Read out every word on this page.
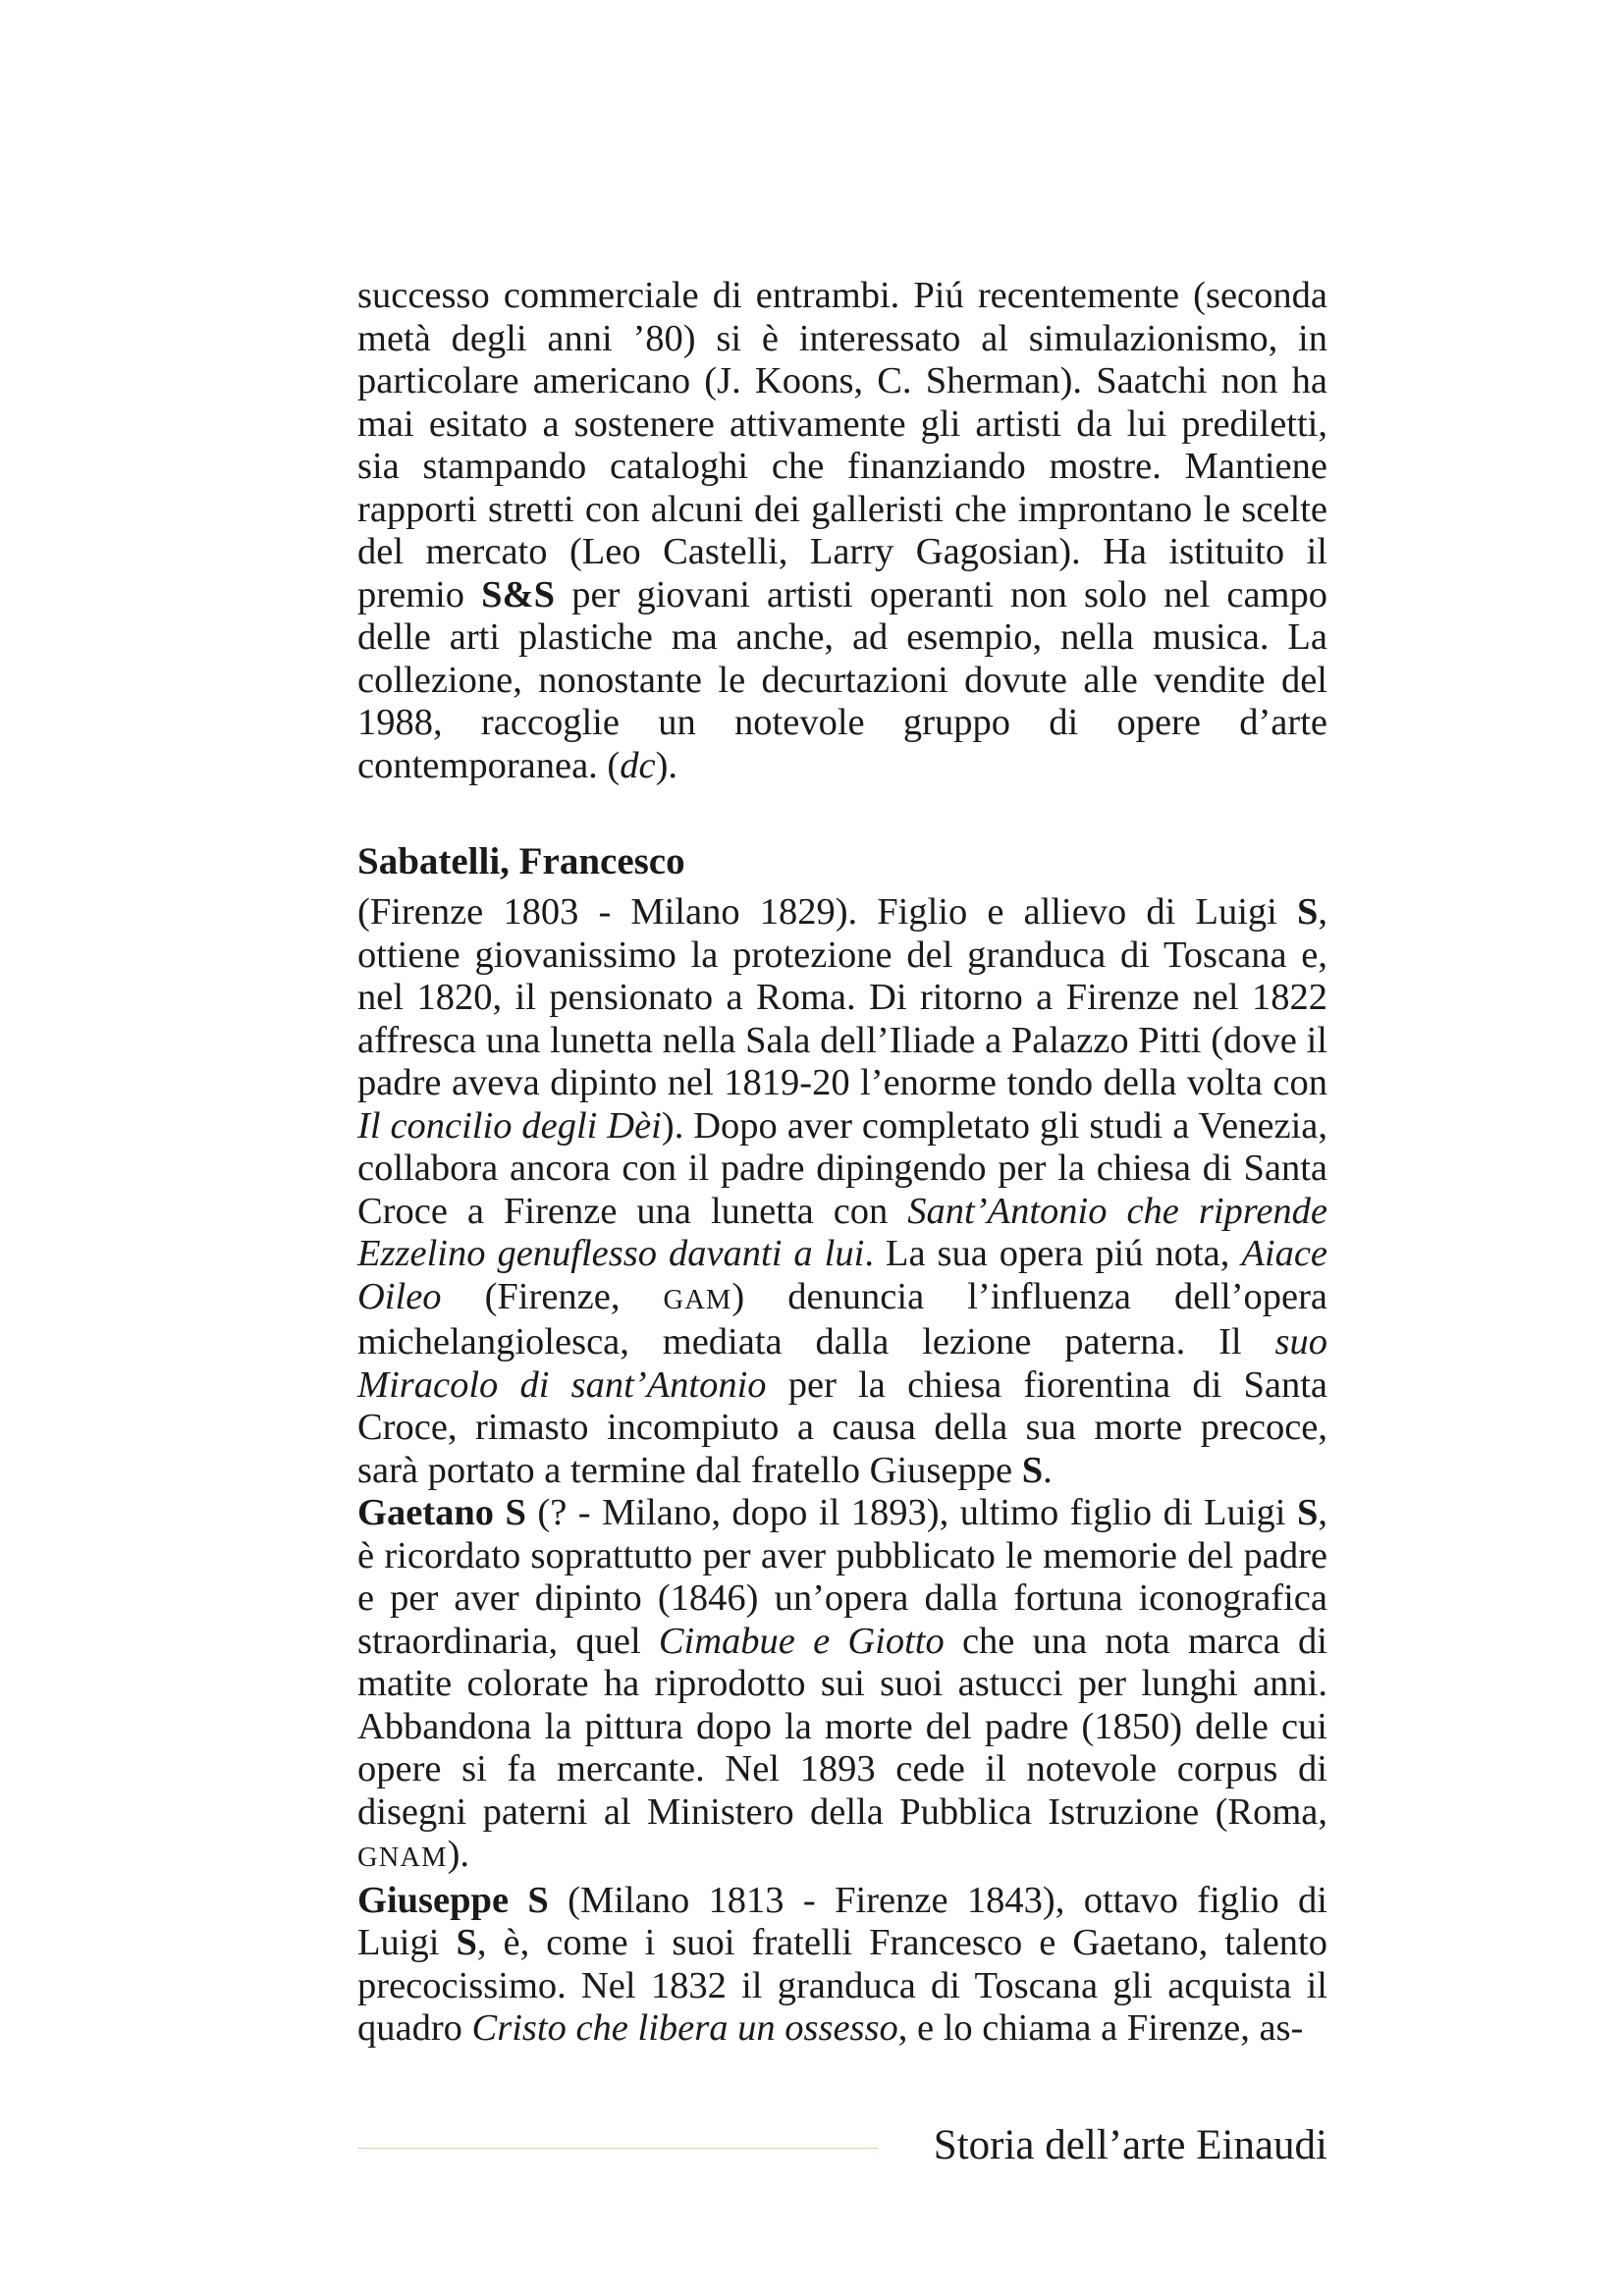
successo commerciale di entrambi. Piú recentemente (seconda metà degli anni ’80) si è interessato al simulazionismo, in particolare americano (J. Koons, C. Sherman). Saatchi non ha mai esitato a sostenere attivamente gli artisti da lui prediletti, sia stampando cataloghi che finanziando mostre. Mantiene rapporti stretti con alcuni dei galleristi che improntano le scelte del mercato (Leo Castelli, Larry Gagosian). Ha istituito il premio S&S per giovani artisti operanti non solo nel campo delle arti plastiche ma anche, ad esempio, nella musica. La collezione, nonostante le decurtazioni dovute alle vendite del 1988, raccoglie un notevole gruppo di opere d’arte contemporanea. (dc).

Sabatelli, Francesco

(Firenze 1803 - Milano 1829). Figlio e allievo di Luigi S, ottiene giovanissimo la protezione del granduca di Toscana e, nel 1820, il pensionato a Roma. Di ritorno a Firenze nel 1822 affresca una lunetta nella Sala dell’Iliade a Palazzo Pitti (dove il padre aveva dipinto nel 1819-20 l’enorme tondo della volta con Il concilio degli Dèi). Dopo aver completato gli studi a Venezia, collabora ancora con il padre dipingendo per la chiesa di Santa Croce a Firenze una lunetta con Sant’Antonio che riprende Ezzelino genuflesso davanti a lui. La sua opera piú nota, Aiace Oileo (Firenze, GAM) denuncia l’influenza dell’opera michelangiolesca, mediata dalla lezione paterna. Il suo Miracolo di sant’Antonio per la chiesa fiorentina di Santa Croce, rimasto incompiuto a causa della sua morte precoce, sarà portato a termine dal fratello Giuseppe S.

Gaetano S (? - Milano, dopo il 1893), ultimo figlio di Luigi S, è ricordato soprattutto per aver pubblicato le memorie del padre e per aver dipinto (1846) un’opera dalla fortuna iconografica straordinaria, quel Cimabue e Giotto che una nota marca di matite colorate ha riprodotto sui suoi astucci per lunghi anni. Abbandona la pittura dopo la morte del padre (1850) delle cui opere si fa mercante. Nel 1893 cede il notevole corpus di disegni paterni al Ministero della Pubblica Istruzione (Roma, GNAM).

Giuseppe S (Milano 1813 - Firenze 1843), ottavo figlio di Luigi S, è, come i suoi fratelli Francesco e Gaetano, talento precocissimo. Nel 1832 il granduca di Toscana gli acquista il quadro Cristo che libera un ossesso, e lo chiama a Firenze, as-

Storia dell’arte Einaudi
